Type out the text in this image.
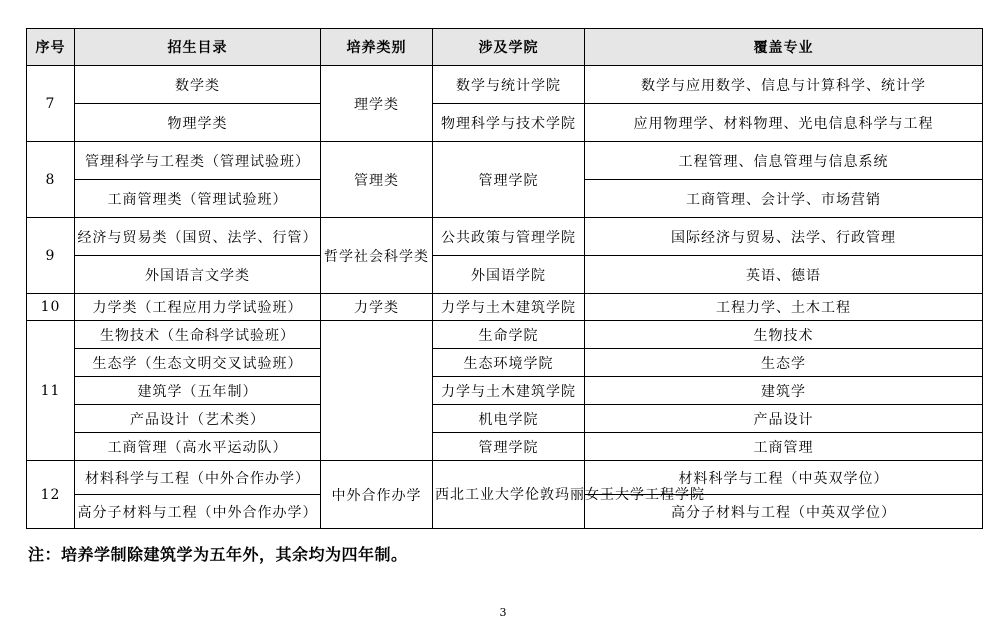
序号	招生目录	培养类别	涉及学院	覆盖专业
7	数学类	理学类	数学与统计学院	数学与应用数学、信息与计算科学、统计学
	物理学类		物理科学与技术学院	应用物理学、材料物理、光电信息科学与工程
8	管理科学与工程类（管理试验班）	管理类	管理学院	工程管理、信息管理与信息系统
	工商管理类（管理试验班）			工商管理、会计学、市场营销
9	经济与贸易类（国贸、法学、行管）	哲学社会科学类	公共政策与管理学院	国际经济与贸易、法学、行政管理
	外国语言文学类		外国语学院	英语、德语
10	力学类（工程应用力学试验班）	力学类	力学与土木建筑学院	工程力学、土木工程
11	生物技术（生命科学试验班）		生命学院	生物技术
	生态学（生态文明交叉试验班）		生态环境学院	生态学
	建筑学（五年制）		力学与土木建筑学院	建筑学
	产品设计（艺术类）		机电学院	产品设计
	工商管理（高水平运动队）		管理学院	工商管理
12	材料科学与工程（中外合作办学）	中外合作办学	西北工业大学伦敦玛丽女王大学工程学院	材料科学与工程（中英双学位）
	高分子材料与工程（中外合作办学）			高分子材料与工程（中英双学位）
注：培养学制除建筑学为五年外，其余均为四年制。
3
